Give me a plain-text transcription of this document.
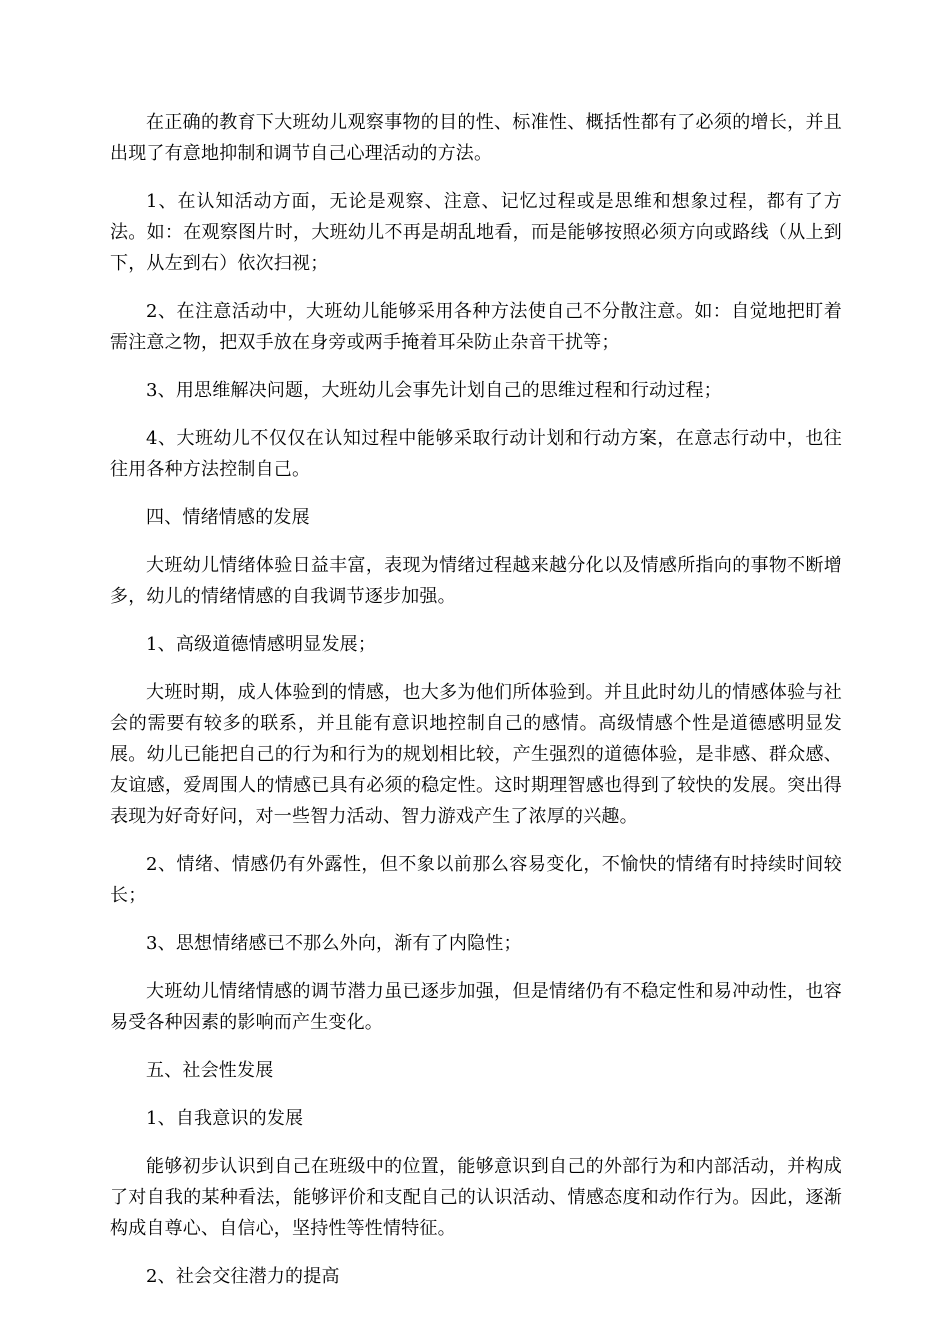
在正确的教育下大班幼儿观察事物的目的性、标准性、概括性都有了必须的增长，并且出现了有意地抑制和调节自己心理活动的方法。

1、在认知活动方面，无论是观察、注意、记忆过程或是思维和想象过程，都有了方法。如：在观察图片时，大班幼儿不再是胡乱地看，而是能够按照必须方向或路线（从上到下，从左到右）依次扫视；

2、在注意活动中，大班幼儿能够采用各种方法使自己不分散注意。如：自觉地把盯着需注意之物，把双手放在身旁或两手掩着耳朵防止杂音干扰等；

3、用思维解决问题，大班幼儿会事先计划自己的思维过程和行动过程；

4、大班幼儿不仅仅在认知过程中能够采取行动计划和行动方案，在意志行动中，也往往用各种方法控制自己。

四、情绪情感的发展

大班幼儿情绪体验日益丰富，表现为情绪过程越来越分化以及情感所指向的事物不断增多，幼儿的情绪情感的自我调节逐步加强。

1、高级道德情感明显发展；

大班时期，成人体验到的情感，也大多为他们所体验到。并且此时幼儿的情感体验与社会的需要有较多的联系，并且能有意识地控制自己的感情。高级情感个性是道德感明显发展。幼儿已能把自己的行为和行为的规划相比较，产生强烈的道德体验，是非感、群众感、友谊感，爱周围人的情感已具有必须的稳定性。这时期理智感也得到了较快的发展。突出得表现为好奇好问，对一些智力活动、智力游戏产生了浓厚的兴趣。

2、情绪、情感仍有外露性，但不象以前那么容易变化，不愉快的情绪有时持续时间较长；

3、思想情绪感已不那么外向，渐有了内隐性；

大班幼儿情绪情感的调节潜力虽已逐步加强，但是情绪仍有不稳定性和易冲动性，也容易受各种因素的影响而产生变化。

五、社会性发展

1、自我意识的发展

能够初步认识到自己在班级中的位置，能够意识到自己的外部行为和内部活动，并构成了对自我的某种看法，能够评价和支配自己的认识活动、情感态度和动作行为。因此，逐渐构成自尊心、自信心，坚持性等性情特征。

2、社会交往潜力的提高
